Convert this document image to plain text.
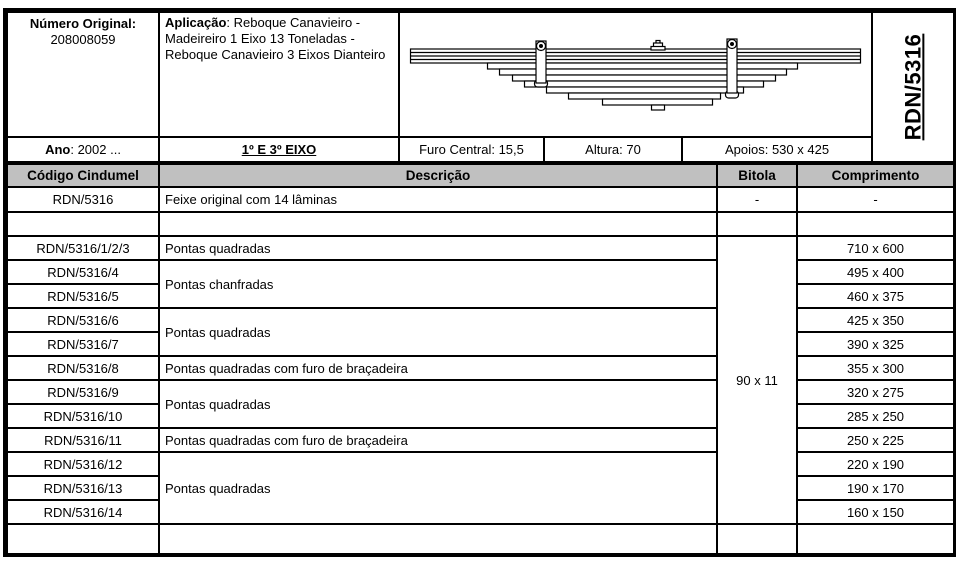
Número Original:
208008059	Aplicação: Reboque Canavieiro - Madeireiro 1 Eixo 13 Toneladas - Reboque Canavieiro 3 Eixos Dianteiro				RDN/5316

Ano: 2002 ...	1º E 3º EIXO	Furo Central: 15,5	Altura: 70	Apoios: 530 x 425	
Código Cindumel	Descrição	Bitola	Comprimento
RDN/5316	Feixe original com 14 lâminas	-	-

RDN/5316/1/2/3	Pontas quadradas	90 x 11	710 x 600
RDN/5316/4	Pontas chanfradas		495 x 400
RDN/5316/5			460 x 375
RDN/5316/6	Pontas quadradas		425 x 350
RDN/5316/7			390 x 325
RDN/5316/8	Pontas quadradas com furo de braçadeira		355 x 300
RDN/5316/9	Pontas quadradas		320 x 275
RDN/5316/10			285 x 250
RDN/5316/11	Pontas quadradas com furo de braçadeira		250 x 225
RDN/5316/12	Pontas quadradas		220 x 190
RDN/5316/13			190 x 170
RDN/5316/14			160 x 150
